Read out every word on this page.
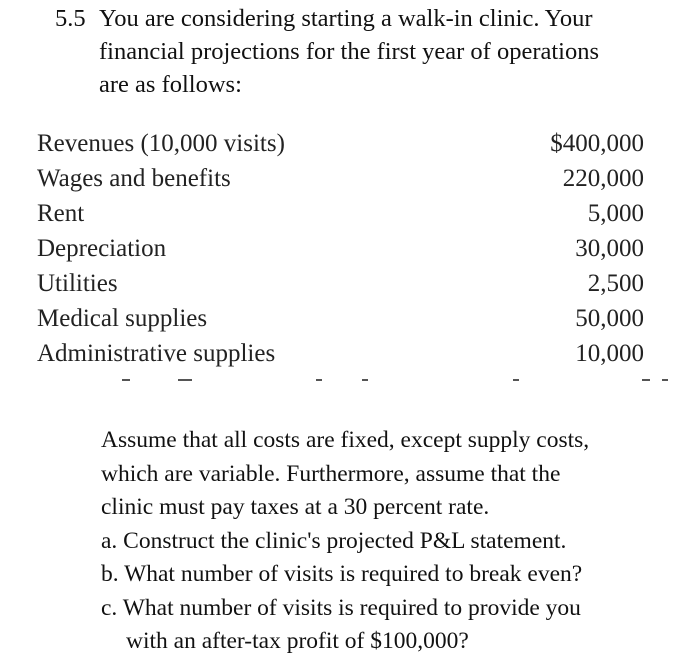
5.5 You are considering starting a walk-in clinic. Your
financial projections for the first year of operations
are as follows:
Revenues (10,000 visits)	$400,000
Wages and benefits	220,000
Rent	5,000
Depreciation	30,000
Utilities	2,500
Medical supplies	50,000
Administrative supplies	10,000
Assume that all costs are fixed, except supply costs,
which are variable. Furthermore, assume that the
clinic must pay taxes at a 30 percent rate.
a. Construct the clinic's projected P&L statement.
b. What number of visits is required to break even?
c. What number of visits is required to provide you
with an after-tax profit of $100,000?
